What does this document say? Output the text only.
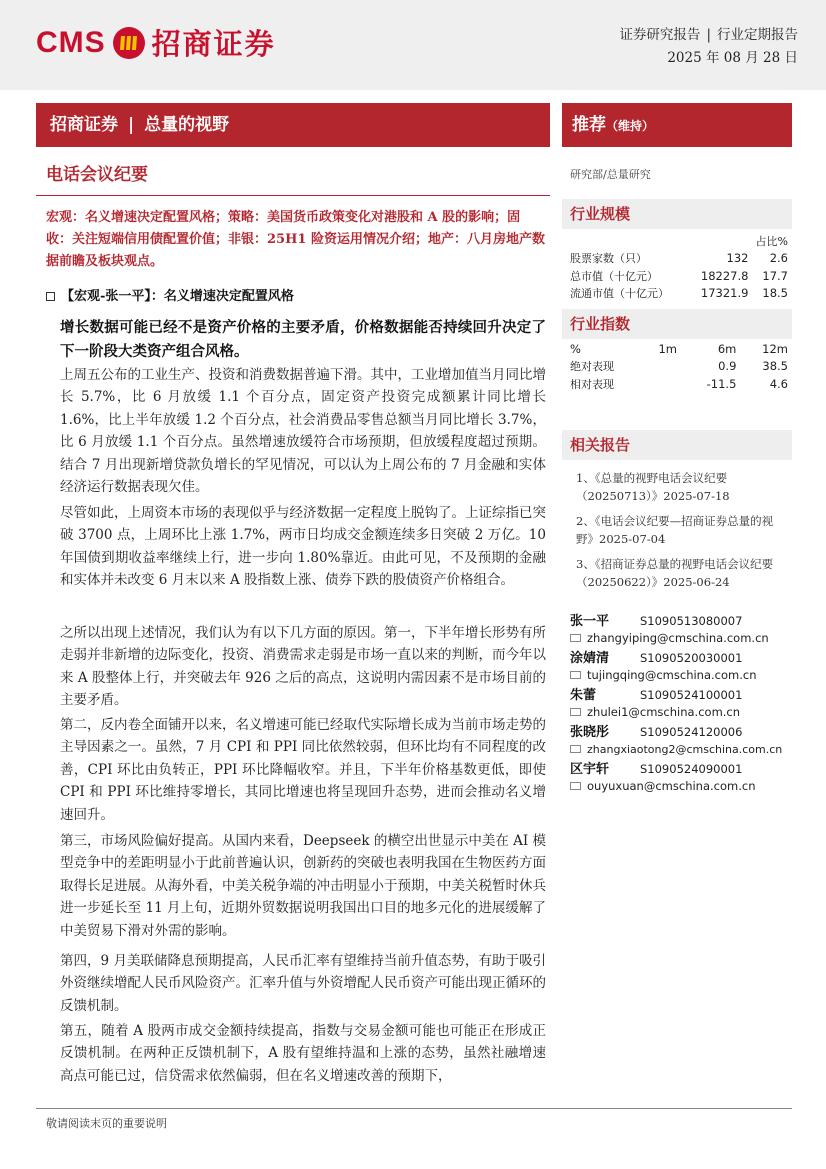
CMS 招商证券	证券研究报告 | 行业定期报告
2025 年 08 月 28 日
招商证券 | 总量的视野	推荐（维持）
电话会议纪要
宏观：名义增速决定配置风格；策略：美国货币政策变化对港股和 A 股的影响；固收：关注短端信用债配置价值；非银：25H1 险资运用情况介绍；地产：八月房地产数据前瞻及板块观点。
【宏观-张一平】：名义增速决定配置风格
增长数据可能已经不是资产价格的主要矛盾，价格数据能否持续回升决定了下一阶段大类资产组合风格。
上周五公布的工业生产、投资和消费数据普遍下滑。其中，工业增加值当月同比增长 5.7%，比 6 月放缓 1.1 个百分点，固定资产投资完成额累计同比增长 1.6%，比上半年放缓 1.2 个百分点，社会消费品零售总额当月同比增长 3.7%，比 6 月放缓 1.1 个百分点。虽然增速放缓符合市场预期，但放缓程度超过预期。结合 7 月出现新增贷款负增长的罕见情况，可以认为上周公布的 7 月金融和实体经济运行数据表现欠佳。
尽管如此，上周资本市场的表现似乎与经济数据一定程度上脱钩了。上证综指已突破 3700 点，上周环比上涨 1.7%，两市日均成交金额连续多日突破 2 万亿。10 年国债到期收益率继续上行，进一步向 1.80%靠近。由此可见，不及预期的金融和实体并未改变 6 月末以来 A 股指数上涨、债券下跌的股债资产价格组合。
之所以出现上述情况，我们认为有以下几方面的原因。第一，下半年增长形势有所走弱并非新增的边际变化，投资、消费需求走弱是市场一直以来的判断，而今年以来 A 股整体上行，并突破去年 926 之后的高点，这说明内需因素不是市场目前的主要矛盾。
第二，反内卷全面铺开以来，名义增速可能已经取代实际增长成为当前市场走势的主导因素之一。虽然，7 月 CPI 和 PPI 同比依然较弱，但环比均有不同程度的改善，CPI 环比由负转正，PPI 环比降幅收窄。并且，下半年价格基数更低，即使 CPI 和 PPI 环比维持零增长，其同比增速也将呈现回升态势，进而会推动名义增速回升。
第三，市场风险偏好提高。从国内来看，Deepseek 的横空出世显示中美在 AI 模型竞争中的差距明显小于此前普遍认识，创新药的突破也表明我国在生物医药方面取得长足进展。从海外看，中美关税争端的冲击明显小于预期，中美关税暂时休兵进一步延长至 11 月上旬，近期外贸数据说明我国出口目的地多元化的进展缓解了中美贸易下滑对外需的影响。
第四，9 月美联储降息预期提高，人民币汇率有望维持当前升值态势，有助于吸引外资继续增配人民币风险资产。汇率升值与外资增配人民币资产可能出现正循环的反馈机制。
第五，随着 A 股两市成交金额持续提高，指数与交易金额可能也可能正在形成正反馈机制。在两种正反馈机制下，A 股有望维持温和上涨的态势，虽然社融增速高点可能已过，信贷需求依然偏弱，但在名义增速改善的预期下，
研究部/总量研究
行业规模
		占比%
股票家数（只）	132	2.6
总市值（十亿元）	18227.8	17.7
流通市值（十亿元）	17321.9	18.5
行业指数
%	1m	6m	12m
绝对表现		0.9	38.5
相对表现		-11.5	4.6
相关报告
1、《总量的视野电话会议纪要（20250713）》2025-07-18
2、《电话会议纪要—招商证券总量的视野》2025-07-04
3、《招商证券总量的视野电话会议纪要（20250622）》2025-06-24
张一平	S1090513080007
zhangyiping@cmschina.com.cn
涂婧清	S1090520030001
tujingqing@cmschina.com.cn
朱蕾	S1090524100001
zhulei1@cmschina.com.cn
张晓彤	S1090524120006
zhangxiaotong2@cmschina.com.cn
区宇轩	S1090524090001
ouyuxuan@cmschina.com.cn
敬请阅读末页的重要说明
